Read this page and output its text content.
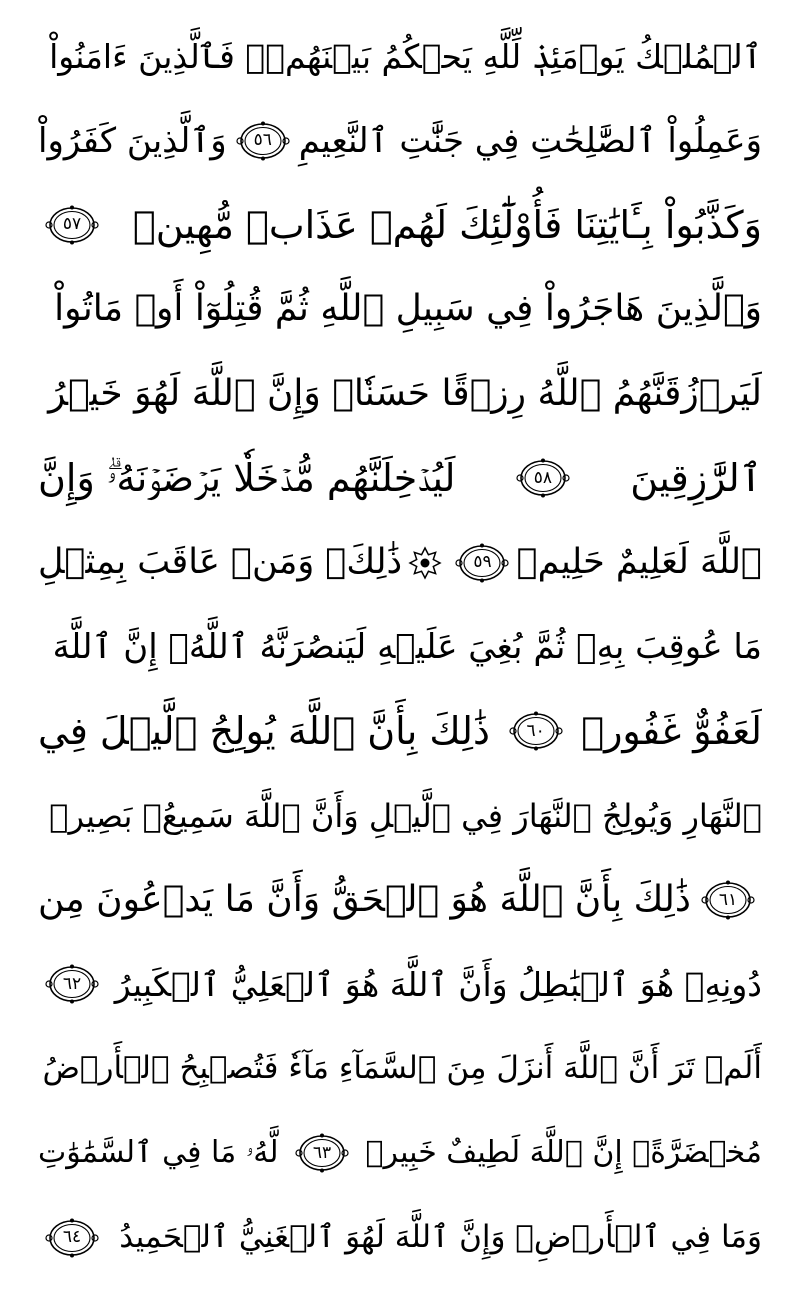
ٱلۡمُلۡكُ يَوۡمَئِذٖ لِّلَّهِ يَحۡكُمُ بَيۡنَهُمۡۚ فَٱلَّذِينَ ءَامَنُواْ
وَعَمِلُواْ ٱلصَّٰلِحَٰتِ فِي جَنَّٰتِ ٱلنَّعِيمِ
٥٦
وَٱلَّذِينَ كَفَرُواْ
وَكَذَّبُواْ بِـَٔايَٰتِنَا فَأُوْلَٰٓئِكَ لَهُمۡ عَذَابٞ مُّهِينٞ
٥٧
وَٱلَّذِينَ هَاجَرُواْ فِي سَبِيلِ ٱللَّهِ ثُمَّ قُتِلُوٓاْ أَوۡ مَاتُواْ
لَيَرۡزُقَنَّهُمُ ٱللَّهُ رِزۡقًا حَسَنٗاۚ وَإِنَّ ٱللَّهَ لَهُوَ خَيۡرُ
ٱلرَّٰزِقِينَ
٥٨
لَيُدۡخِلَنَّهُم مُّدۡخَلٗا يَرۡضَوۡنَهُۥۗ وَإِنَّ
ٱللَّهَ لَعَلِيمٌ حَلِيمٞ
٥٩
ذَٰلِكَۖ وَمَنۡ عَاقَبَ بِمِثۡلِ
مَا عُوقِبَ بِهِۦ ثُمَّ بُغِيَ عَلَيۡهِ لَيَنصُرَنَّهُ ٱللَّهُۗ إِنَّ ٱللَّهَ
لَعَفُوٌّ غَفُورٞ
٦٠
ذَٰلِكَ بِأَنَّ ٱللَّهَ يُولِجُ ٱلَّيۡلَ فِي
ٱلنَّهَارِ وَيُولِجُ ٱلنَّهَارَ فِي ٱلَّيۡلِ وَأَنَّ ٱللَّهَ سَمِيعُۢ بَصِيرٞ
٦١
ذَٰلِكَ بِأَنَّ ٱللَّهَ هُوَ ٱلۡحَقُّ وَأَنَّ مَا يَدۡعُونَ مِن
دُونِهِۦ هُوَ ٱلۡبَٰطِلُ وَأَنَّ ٱللَّهَ هُوَ ٱلۡعَلِيُّ ٱلۡكَبِيرُ
٦٢
أَلَمۡ تَرَ أَنَّ ٱللَّهَ أَنزَلَ مِنَ ٱلسَّمَآءِ مَآءٗ فَتُصۡبِحُ ٱلۡأَرۡضُ
مُخۡضَرَّةًۚ إِنَّ ٱللَّهَ لَطِيفٌ خَبِيرٞ
٦٣
لَّهُۥ مَا فِي ٱلسَّمَٰوَٰتِ
وَمَا فِي ٱلۡأَرۡضِۗ وَإِنَّ ٱللَّهَ لَهُوَ ٱلۡغَنِيُّ ٱلۡحَمِيدُ
٦٤
